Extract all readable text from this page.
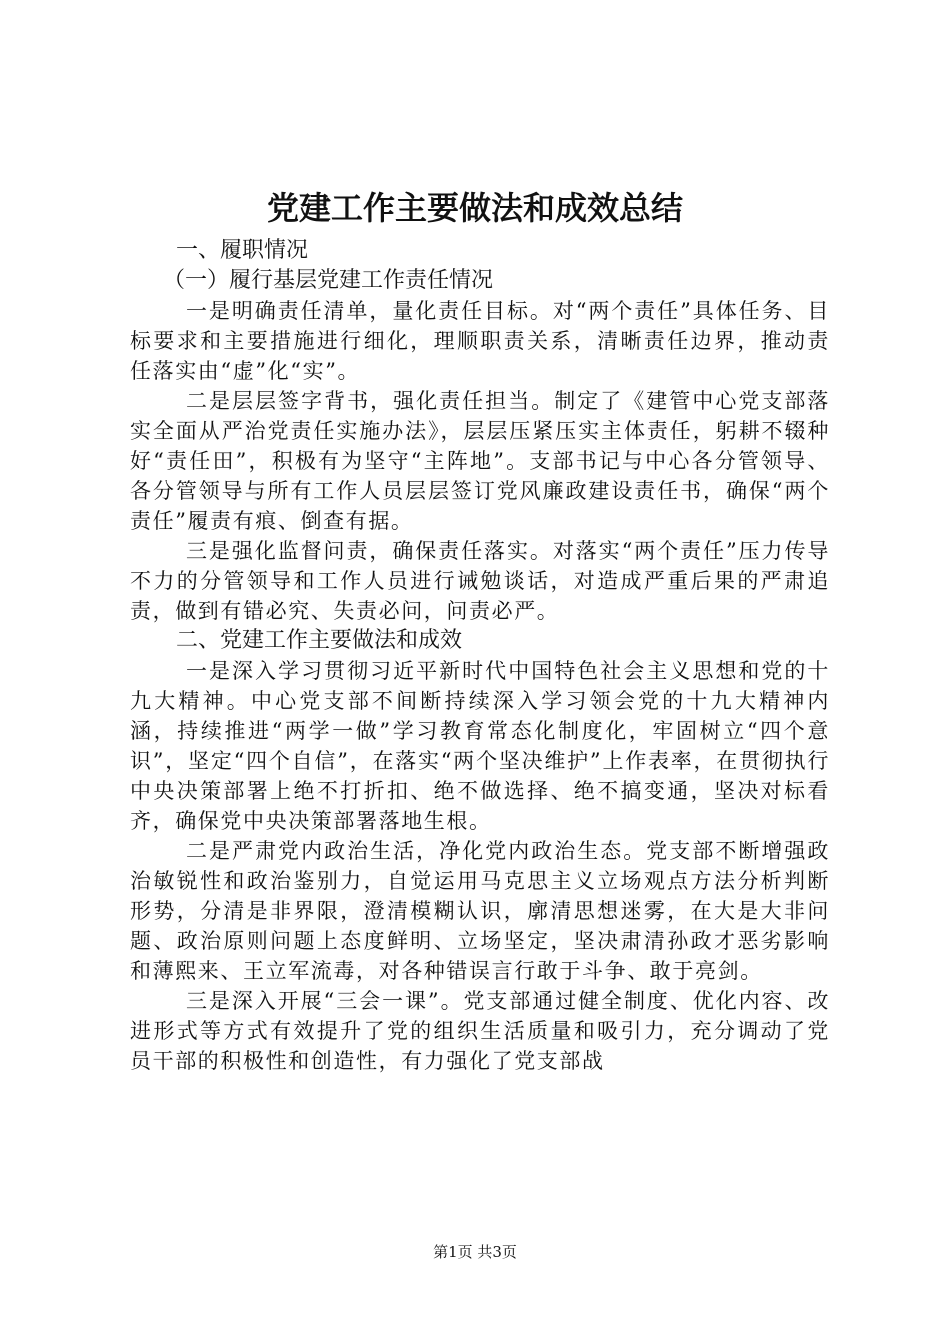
党建工作主要做法和成效总结
一、履职情况
（一）履行基层党建工作责任情况

一是明确责任清单，量化责任目标。对“两个责任”具体任务、目标要求和主要措施进行细化，理顺职责关系，清晰责任边界，推动责任落实由“虚”化“实”。

二是层层签字背书，强化责任担当。制定了《建管中心党支部落实全面从严治党责任实施办法》，层层压紧压实主体责任，躬耕不辍种好“责任田”，积极有为坚守“主阵地”。支部书记与中心各分管领导、各分管领导与所有工作人员层层签订党风廉政建设责任书，确保“两个责任”履责有痕、倒查有据。

三是强化监督问责，确保责任落实。对落实“两个责任”压力传导不力的分管领导和工作人员进行诫勉谈话，对造成严重后果的严肃追责，做到有错必究、失责必问，问责必严。

二、党建工作主要做法和成效

一是深入学习贯彻习近平新时代中国特色社会主义思想和党的十九大精神。中心党支部不间断持续深入学习领会党的十九大精神内涵，持续推进“两学一做”学习教育常态化制度化，牢固树立“四个意识”，坚定“四个自信”，在落实“两个坚决维护”上作表率，在贯彻执行中央决策部署上绝不打折扣、绝不做选择、绝不搞变通，坚决对标看齐，确保党中央决策部署落地生根。

二是严肃党内政治生活，净化党内政治生态。党支部不断增强政治敏锐性和政治鉴别力，自觉运用马克思主义立场观点方法分析判断形势，分清是非界限，澄清模糊认识，廓清思想迷雾，在大是大非问题、政治原则问题上态度鲜明、立场坚定，坚决肃清孙政才恶劣影响和薄熙来、王立军流毒，对各种错误言行敢于斗争、敢于亮剑。

三是深入开展“三会一课”。党支部通过健全制度、优化内容、改进形式等方式有效提升了党的组织生活质量和吸引力，充分调动了党员干部的积极性和创造性，有力强化了党支部战

第1页 共3页
